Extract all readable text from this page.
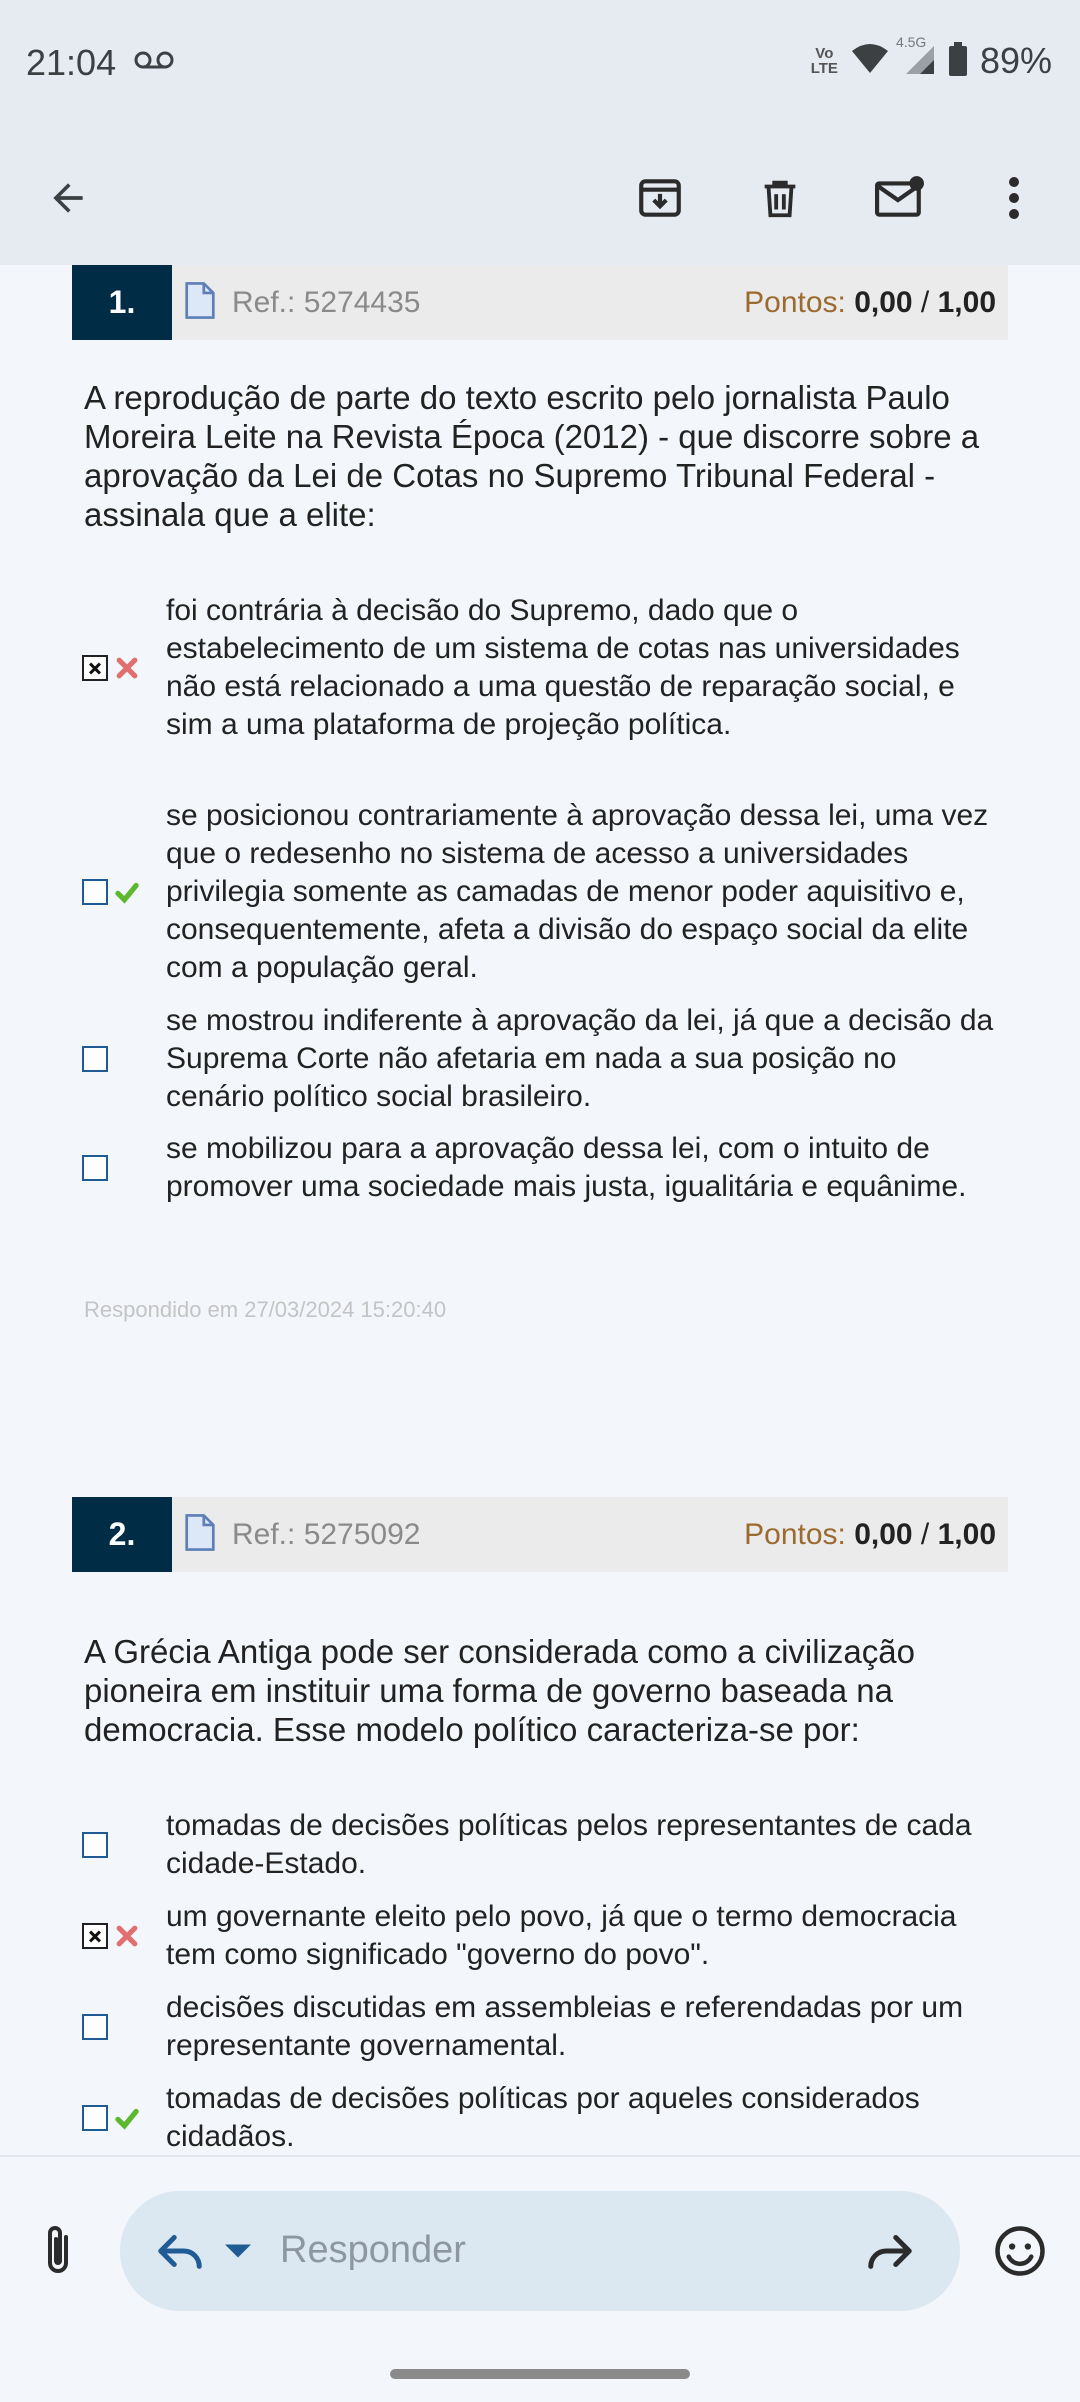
21:04	Vo
LTE
4.5G 89%
1.	Ref.: 5274435	Pontos: 0,00 / 1,00

A reprodução de parte do texto escrito pelo jornalista Paulo Moreira Leite na Revista Época (2012) - que discorre sobre a aprovação da Lei de Cotas no Supremo Tribunal Federal - assinala que a elite:

foi contrária à decisão do Supremo, dado que o estabelecimento de um sistema de cotas nas universidades não está relacionado a uma questão de reparação social, e sim a uma plataforma de projeção política.
se posicionou contrariamente à aprovação dessa lei, uma vez que o redesenho no sistema de acesso a universidades privilegia somente as camadas de menor poder aquisitivo e, consequentemente, afeta a divisão do espaço social da elite com a população geral.
se mostrou indiferente à aprovação da lei, já que a decisão da Suprema Corte não afetaria em nada a sua posição no cenário político social brasileiro.
se mobilizou para a aprovação dessa lei, com o intuito de promover uma sociedade mais justa, igualitária e equânime.
Respondido em 27/03/2024 15:20:40
2.	Ref.: 5275092	Pontos: 0,00 / 1,00

A Grécia Antiga pode ser considerada como a civilização pioneira em instituir uma forma de governo baseada na democracia. Esse modelo político caracteriza-se por:

tomadas de decisões políticas pelos representantes de cada cidade-Estado.
um governante eleito pelo povo, já que o termo democracia tem como significado "governo do povo".
decisões discutidas em assembleias e referendadas por um representante governamental.
tomadas de decisões políticas por aqueles considerados cidadãos.
Responder
